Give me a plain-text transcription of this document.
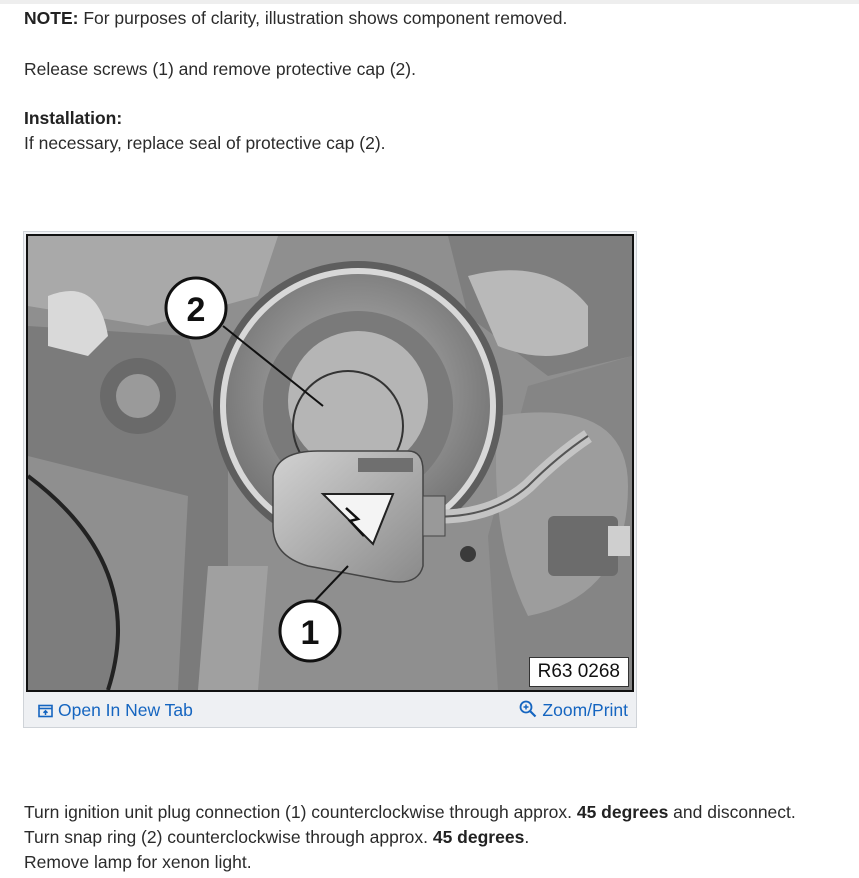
NOTE: For purposes of clarity, illustration shows component removed.

Release screws (1) and remove protective cap (2).

Installation:

If necessary, replace seal of protective cap (2).

2
1
R63 0268
Open In New Tab	Zoom/Print

Turn ignition unit plug connection (1) counterclockwise through approx. 45 degrees and disconnect.

Turn snap ring (2) counterclockwise through approx. 45 degrees.

Remove lamp for xenon light.
